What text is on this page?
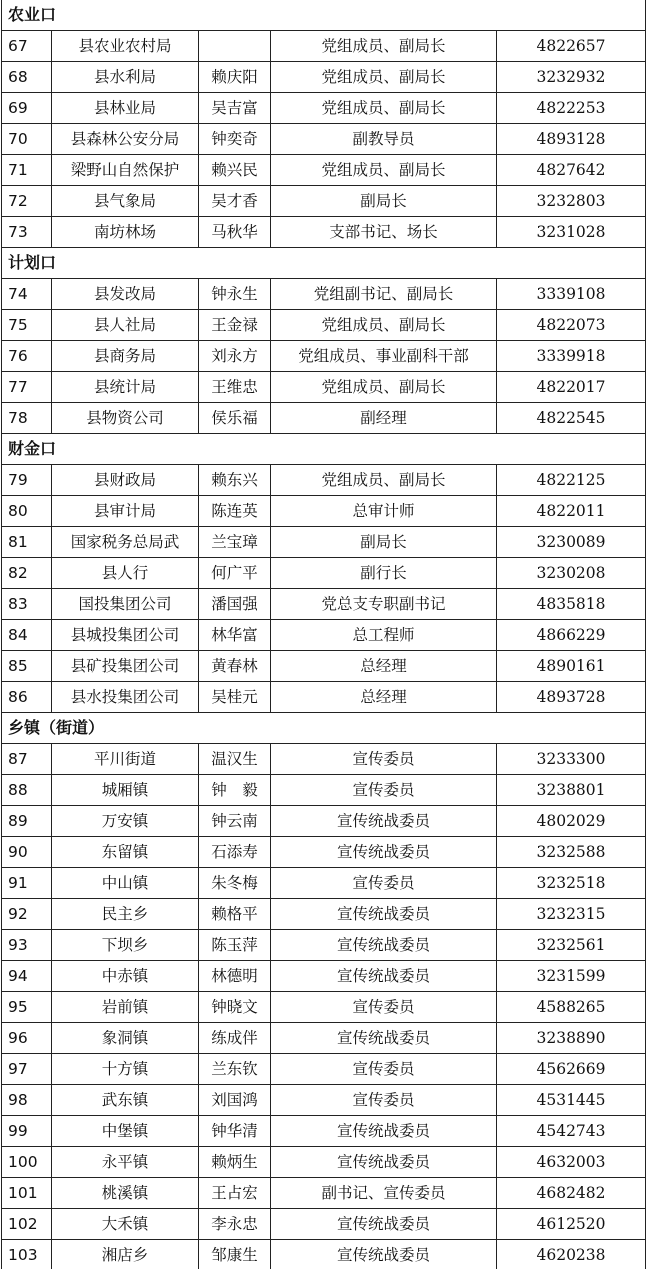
农业口				
67	县农业农村局		党组成员、副局长	4822657
68	县水利局	赖庆阳	党组成员、副局长	3232932
69	县林业局	吴吉富	党组成员、副局长	4822253
70	县森林公安分局	钟奕奇	副教导员	4893128
71	梁野山自然保护	赖兴民	党组成员、副局长	4827642
72	县气象局	吴才香	副局长	3232803
73	南坊林场	马秋华	支部书记、场长	3231028
计划口				
74	县发改局	钟永生	党组副书记、副局长	3339108
75	县人社局	王金禄	党组成员、副局长	4822073
76	县商务局	刘永方	党组成员、事业副科干部	3339918
77	县统计局	王维忠	党组成员、副局长	4822017
78	县物资公司	侯乐福	副经理	4822545
财金口				
79	县财政局	赖东兴	党组成员、副局长	4822125
80	县审计局	陈连英	总审计师	4822011
81	国家税务总局武	兰宝璋	副局长	3230089
82	县人行	何广平	副行长	3230208
83	国投集团公司	潘国强	党总支专职副书记	4835818
84	县城投集团公司	林华富	总工程师	4866229
85	县矿投集团公司	黄春林	总经理	4890161
86	县水投集团公司	吴桂元	总经理	4893728
乡镇（街道）				
87	平川街道	温汉生	宣传委员	3233300
88	城厢镇	钟　毅	宣传委员	3238801
89	万安镇	钟云南	宣传统战委员	4802029
90	东留镇	石添寿	宣传统战委员	3232588
91	中山镇	朱冬梅	宣传委员	3232518
92	民主乡	赖格平	宣传统战委员	3232315
93	下坝乡	陈玉萍	宣传统战委员	3232561
94	中赤镇	林德明	宣传统战委员	3231599
95	岩前镇	钟晓文	宣传委员	4588265
96	象洞镇	练成伴	宣传统战委员	3238890
97	十方镇	兰东钦	宣传委员	4562669
98	武东镇	刘国鸿	宣传委员	4531445
99	中堡镇	钟华清	宣传统战委员	4542743
100	永平镇	赖炳生	宣传统战委员	4632003
101	桃溪镇	王占宏	副书记、宣传委员	4682482
102	大禾镇	李永忠	宣传统战委员	4612520
103	湘店乡	邹康生	宣传统战委员	4620238
